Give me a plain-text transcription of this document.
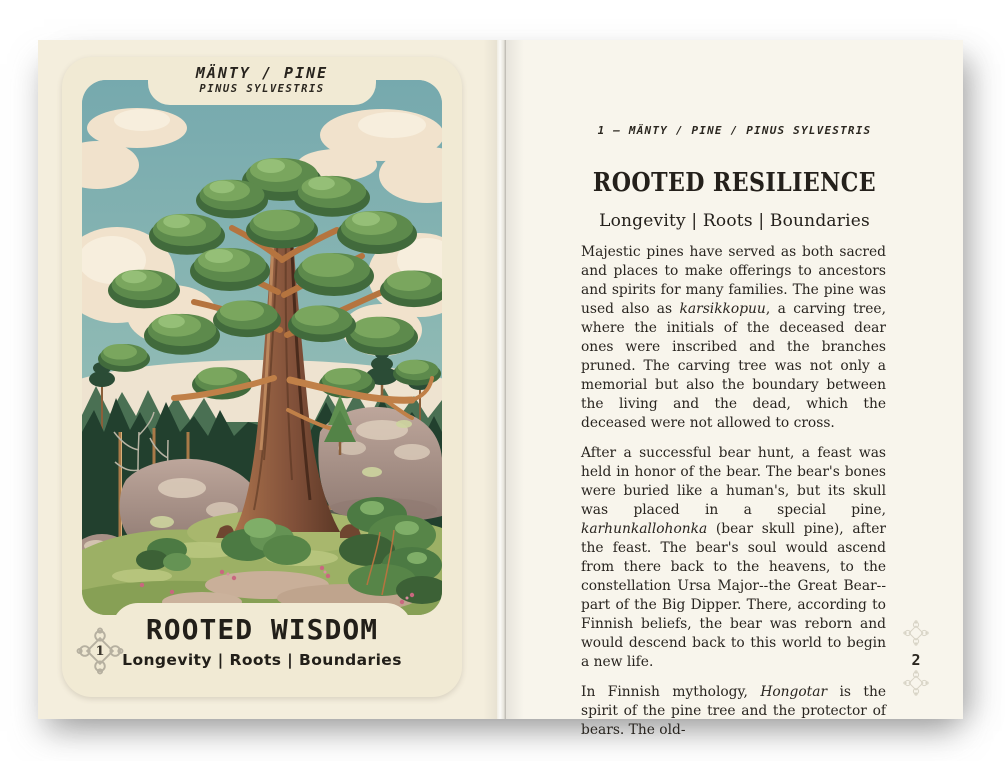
MÄNTY / PINE
PINUS SYLVESTRIS
ROOTED WISDOM
Longevity | Roots | Boundaries
1
1 — MÄNTY / PINE / PINUS SYLVESTRIS
ROOTED RESILIENCE
Longevity | Roots | Boundaries

Majestic pines have served as both sacred and places to make offerings to ancestors and spirits for many families. The pine was used also as karsikkopuu, a carving tree, where the initials of the deceased dear ones were inscribed and the branches pruned. The carving tree was not only a memorial but also the boundary between the living and the dead, which the deceased were not allowed to cross.

After a successful bear hunt, a feast was held in honor of the bear. The bear's bones were buried like a human's, but its skull was placed in a special pine, karhunkallohonka (bear skull pine), after the feast. The bear's soul would ascend from there back to the heavens, to the constellation Ursa Major--the Great Bear--part of the Big Dipper. There, according to Finnish beliefs, the bear was reborn and would descend back to this world to begin a new life.

In Finnish mythology, Hongotar is the spirit of the pine tree and the protector of bears. The old-

2
